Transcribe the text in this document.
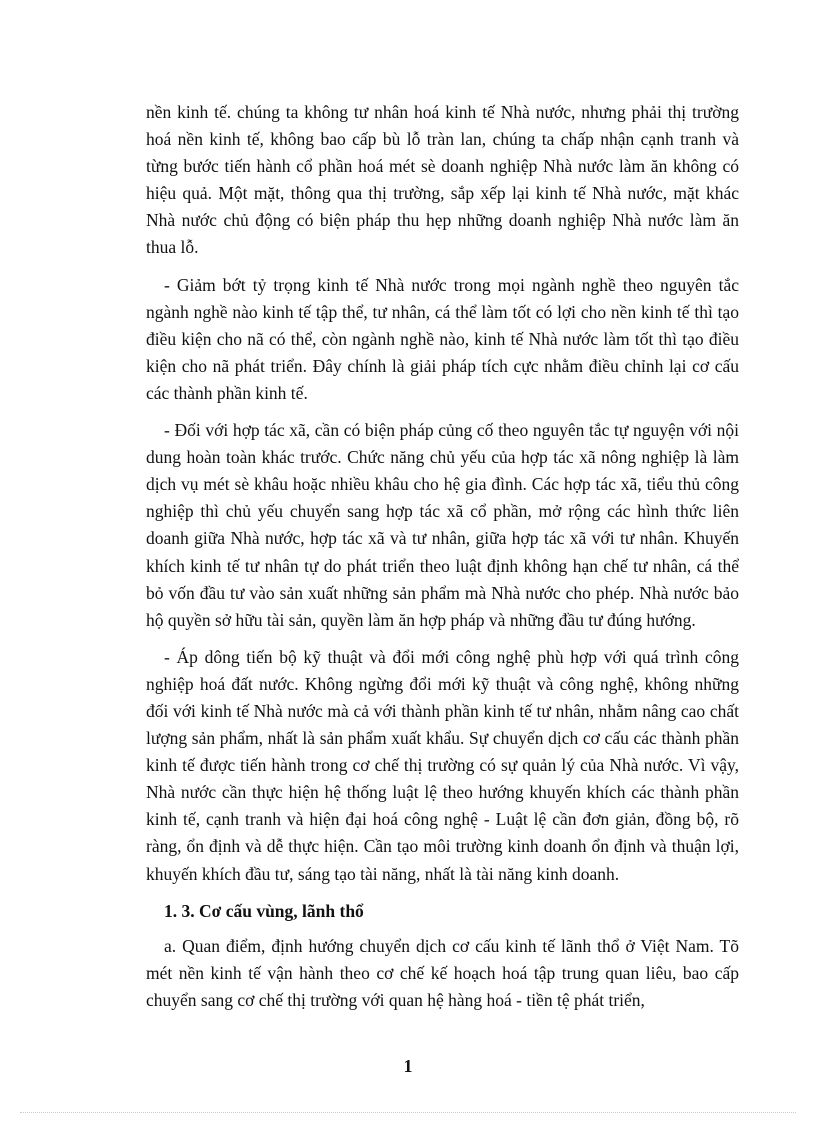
nền kinh tế. chúng ta không tư nhân hoá kinh tế Nhà nước, nhưng phải thị trường hoá nền kinh tế, không bao cấp bù lỗ tràn lan, chúng ta chấp nhận cạnh tranh và từng bước tiến hành cổ phần hoá mét sè doanh nghiệp Nhà nước làm ăn không có hiệu quả. Một mặt, thông qua thị trường, sắp xếp lại kinh tế Nhà nước, mặt khác Nhà nước chủ động có biện pháp thu hẹp những doanh nghiệp Nhà nước làm ăn thua lỗ.

- Giảm bớt tỷ trọng kinh tế Nhà nước trong mọi ngành nghề theo nguyên tắc ngành nghề nào kinh tế tập thể, tư nhân, cá thể làm tốt có lợi cho nền kinh tế thì tạo điều kiện cho nã có thể, còn ngành nghề nào, kinh tế Nhà nước làm tốt thì tạo điều kiện cho nã phát triển. Đây chính là giải pháp tích cực nhằm điều chỉnh lại cơ cấu các thành phần kinh tế.

- Đối với hợp tác xã, cần có biện pháp củng cố theo nguyên tắc tự nguyện với nội dung hoàn toàn khác trước. Chức năng chủ yếu của hợp tác xã nông nghiệp là làm dịch vụ mét sè khâu hoặc nhiều khâu cho hệ gia đình. Các hợp tác xã, tiểu thủ công nghiệp thì chủ yếu chuyển sang hợp tác xã cổ phần, mở rộng các hình thức liên doanh giữa Nhà nước, hợp tác xã và tư nhân, giữa hợp tác xã với tư nhân. Khuyến khích kinh tế tư nhân tự do phát triển theo luật định không hạn chế tư nhân, cá thể bỏ vốn đầu tư vào sản xuất những sản phẩm mà Nhà nước cho phép. Nhà nước bảo hộ quyền sở hữu tài sản, quyền làm ăn hợp pháp và những đầu tư đúng hướng.

- Áp dông tiến bộ kỹ thuật và đổi mới công nghệ phù hợp với quá trình công nghiệp hoá đất nước. Không ngừng đổi mới kỹ thuật và công nghệ, không những đối với kinh tế Nhà nước mà cả với thành phần kinh tế tư nhân, nhằm nâng cao chất lượng sản phẩm, nhất là sản phẩm xuất khẩu. Sự chuyển dịch cơ cấu các thành phần kinh tế được tiến hành trong cơ chế thị trường có sự quản lý của Nhà nước. Vì vậy, Nhà nước cần thực hiện hệ thống luật lệ theo hướng khuyến khích các thành phần kinh tế, cạnh tranh và hiện đại hoá công nghệ - Luật lệ cần đơn giản, đồng bộ, rõ ràng, ổn định và dễ thực hiện. Cần tạo môi trường kinh doanh ổn định và thuận lợi, khuyến khích đầu tư, sáng tạo tài năng, nhất là tài năng kinh doanh.

1. 3. Cơ cấu vùng, lãnh thổ

a. Quan điểm, định hướng chuyển dịch cơ cấu kinh tế lãnh thổ ở Việt Nam. Tõ mét nền kinh tế vận hành theo cơ chế kế hoạch hoá tập trung quan liêu, bao cấp chuyển sang cơ chế thị trường với quan hệ hàng hoá - tiền tệ phát triển,

1
